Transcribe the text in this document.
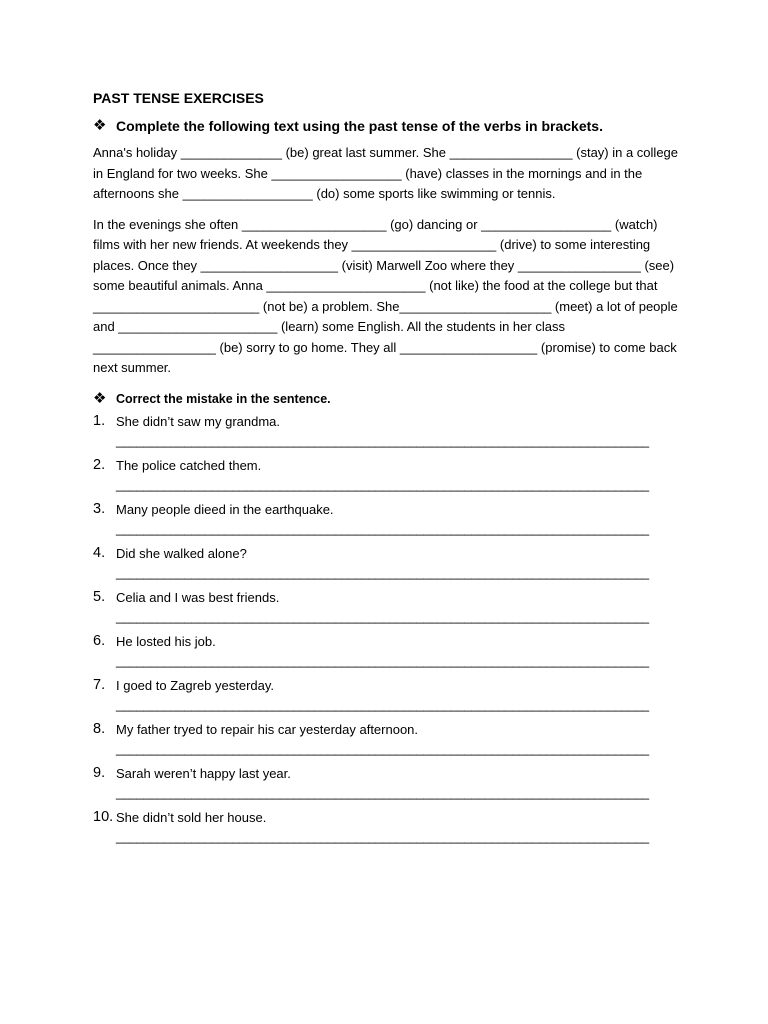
PAST TENSE EXERCISES
❖ Complete the following text using the past tense of the verbs in brackets.

Anna's holiday ______________ (be) great last summer. She _________________ (stay) in a college in England for two weeks. She __________________ (have) classes in the mornings and in the afternoons she __________________ (do) some sports like swimming or tennis.

In the evenings she often ____________________ (go) dancing or __________________ (watch) films with her new friends. At weekends they ____________________ (drive) to some interesting places. Once they ___________________ (visit) Marwell Zoo where they _________________ (see) some beautiful animals. Anna ______________________ (not like) the food at the college but that _______________________ (not be) a problem. She_____________________ (meet) a lot of people and ______________________ (learn) some English. All the students in her class _________________ (be) sorry to go home. They all ___________________ (promise) to come back next summer.

❖ Correct the mistake in the sentence.
1. She didn’t saw my grandma.
______________________________________________________________________________
2. The police catched them.
______________________________________________________________________________
3. Many people dieed in the earthquake.
______________________________________________________________________________
4. Did she walked alone?
______________________________________________________________________________
5. Celia and I was best friends.
______________________________________________________________________________
6. He losted his job.
______________________________________________________________________________
7. I goed to Zagreb yesterday.
______________________________________________________________________________
8. My father tryed to repair his car yesterday afternoon.
______________________________________________________________________________
9. Sarah weren’t happy last year.
______________________________________________________________________________
10. She didn’t sold her house.
______________________________________________________________________________
